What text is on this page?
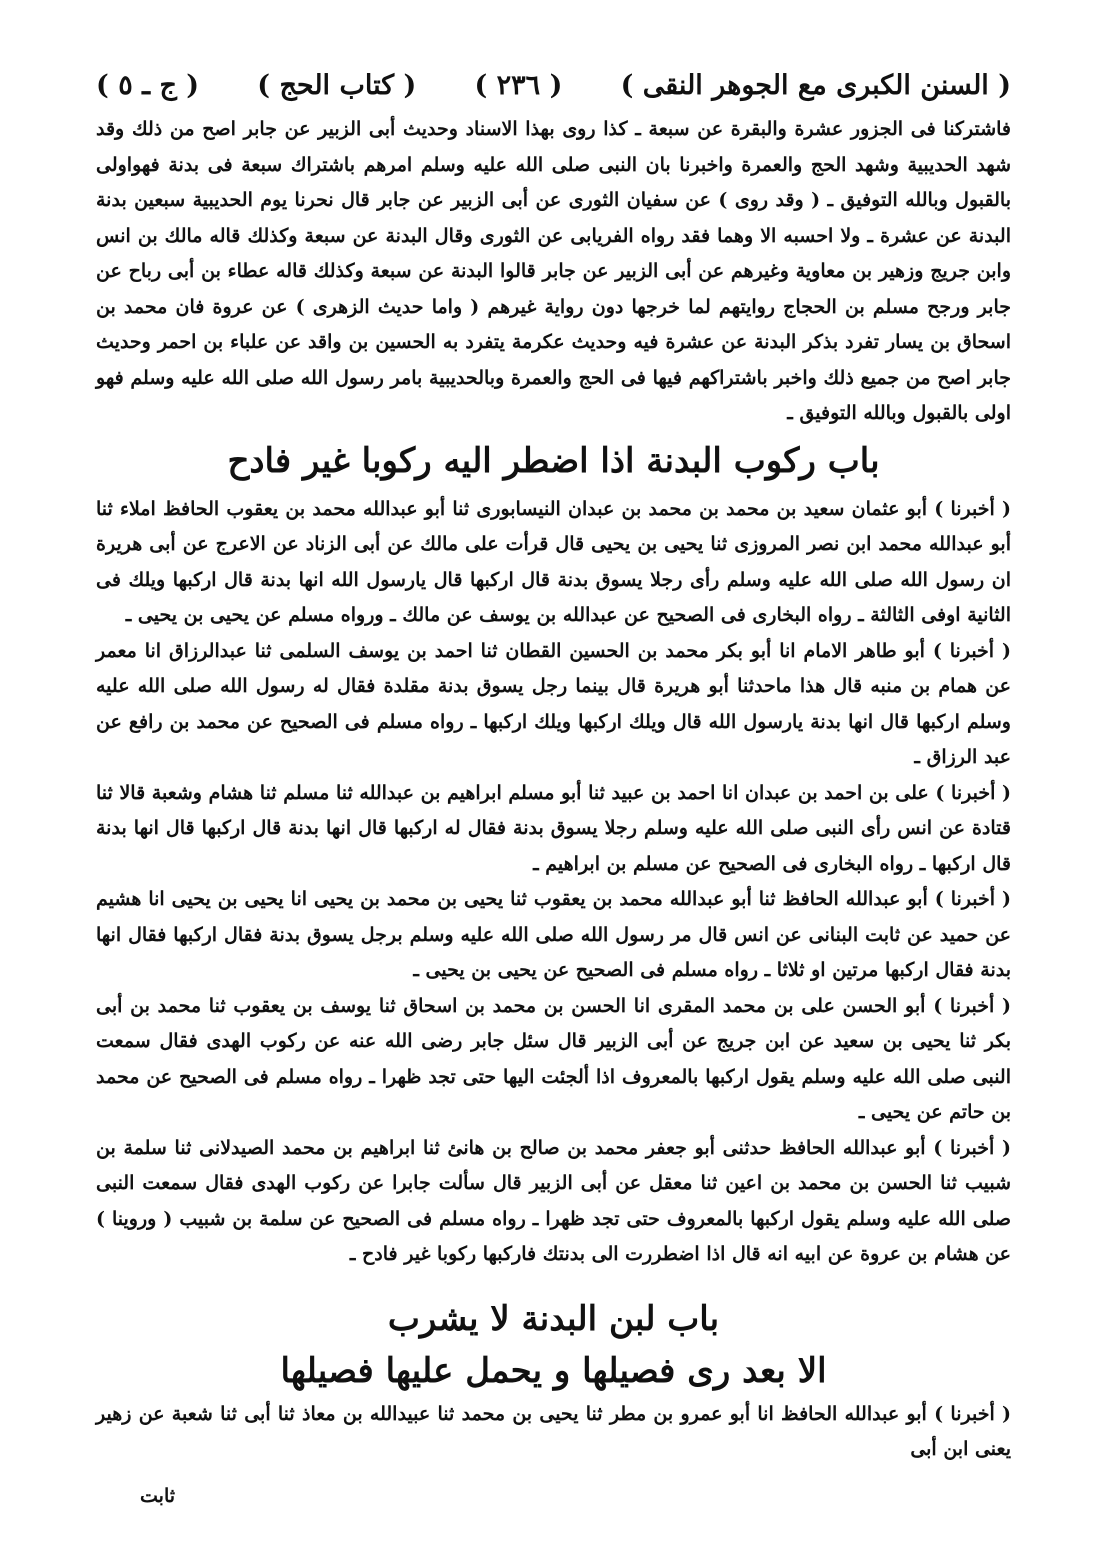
( السنن الكبرى مع الجوهر النقى )
( ٢٣٦ )
( كتاب الحج )
( ج ـ ٥ )

فاشتركنا فى الجزور عشرة والبقرة عن سبعة ـ كذا روى بهذا الاسناد وحديث أبى الزبير عن جابر اصح من ذلك وقد شهد الحديبية وشهد الحج والعمرة واخبرنا بان النبى صلى الله عليه وسلم امرهم باشتراك سبعة فى بدنة فهواولى بالقبول وبالله التوفيق ـ ( وقد روى ) عن سفيان الثورى عن أبى الزبير عن جابر قال نحرنا يوم الحديبية سبعين بدنة البدنة عن عشرة ـ ولا احسبه الا وهما فقد رواه الفريابى عن الثورى وقال البدنة عن سبعة وكذلك قاله مالك بن انس وابن جريج وزهير بن معاوية وغيرهم عن أبى الزبير عن جابر قالوا البدنة عن سبعة وكذلك قاله عطاء بن أبى رباح عن جابر ورجح مسلم بن الحجاج روايتهم لما خرجها دون رواية غيرهم ( واما حديث الزهرى ) عن عروة فان محمد بن اسحاق بن يسار تفرد بذكر البدنة عن عشرة فيه وحديث عكرمة يتفرد به الحسين بن واقد عن علباء بن احمر وحديث جابر اصح من جميع ذلك واخبر باشتراكهم فيها فى الحج والعمرة وبالحديبية بامر رسول الله صلى الله عليه وسلم فهو اولى بالقبول وبالله التوفيق ـ

باب ركوب البدنة اذا اضطر اليه ركوبا غير فادح

( أخبرنا ) أبو عثمان سعيد بن محمد بن محمد بن عبدان النيسابورى ثنا أبو عبدالله محمد بن يعقوب الحافظ املاء ثنا أبو عبدالله محمد ابن نصر المروزى ثنا يحيى بن يحيى قال قرأت على مالك عن أبى الزناد عن الاعرج عن أبى هريرة ان رسول الله صلى الله عليه وسلم رأى رجلا يسوق بدنة قال اركبها قال يارسول الله انها بدنة قال اركبها ويلك فى الثانية اوفى الثالثة ـ رواه البخارى فى الصحيح عن عبدالله بن يوسف عن مالك ـ ورواه مسلم عن يحيى بن يحيى ـ

( أخبرنا ) أبو طاهر الامام انا أبو بكر محمد بن الحسين القطان ثنا احمد بن يوسف السلمى ثنا عبدالرزاق انا معمر عن همام بن منبه قال هذا ماحدثنا أبو هريرة قال بينما رجل يسوق بدنة مقلدة فقال له رسول الله صلى الله عليه وسلم اركبها قال انها بدنة يارسول الله قال ويلك اركبها ويلك اركبها ـ رواه مسلم فى الصحيح عن محمد بن رافع عن عبد الرزاق ـ

( أخبرنا ) على بن احمد بن عبدان انا احمد بن عبيد ثنا أبو مسلم ابراهيم بن عبدالله ثنا مسلم ثنا هشام وشعبة قالا ثنا قتادة عن انس رأى النبى صلى الله عليه وسلم رجلا يسوق بدنة فقال له اركبها قال انها بدنة قال اركبها قال انها بدنة قال اركبها ـ رواه البخارى فى الصحيح عن مسلم بن ابراهيم ـ

( أخبرنا ) أبو عبدالله الحافظ ثنا أبو عبدالله محمد بن يعقوب ثنا يحيى بن محمد بن يحيى انا يحيى بن يحيى انا هشيم عن حميد عن ثابت البنانى عن انس قال مر رسول الله صلى الله عليه وسلم برجل يسوق بدنة فقال اركبها فقال انها بدنة فقال اركبها مرتين او ثلاثا ـ رواه مسلم فى الصحيح عن يحيى بن يحيى ـ

( أخبرنا ) أبو الحسن على بن محمد المقرى انا الحسن بن محمد بن اسحاق ثنا يوسف بن يعقوب ثنا محمد بن أبى بكر ثنا يحيى بن سعيد عن ابن جريج عن أبى الزبير قال سئل جابر رضى الله عنه عن ركوب الهدى فقال سمعت النبى صلى الله عليه وسلم يقول اركبها بالمعروف اذا ألجئت اليها حتى تجد ظهرا ـ رواه مسلم فى الصحيح عن محمد بن حاتم عن يحيى ـ

( أخبرنا ) أبو عبدالله الحافظ حدثنى أبو جعفر محمد بن صالح بن هانئ ثنا ابراهيم بن محمد الصيدلانى ثنا سلمة بن شبيب ثنا الحسن بن محمد بن اعين ثنا معقل عن أبى الزبير قال سألت جابرا عن ركوب الهدى فقال سمعت النبى صلى الله عليه وسلم يقول اركبها بالمعروف حتى تجد ظهرا ـ رواه مسلم فى الصحيح عن سلمة بن شبيب ( وروينا ) عن هشام بن عروة عن ابيه انه قال اذا اضطررت الى بدنتك فاركبها ركوبا غير فادح ـ

باب لبن البدنة لا يشرب
الا بعد رى فصيلها و يحمل عليها فصيلها

( أخبرنا ) أبو عبدالله الحافظ انا أبو عمرو بن مطر ثنا يحيى بن محمد ثنا عبيدالله بن معاذ ثنا أبى ثنا شعبة عن زهير يعنى ابن أبى

ثابت
